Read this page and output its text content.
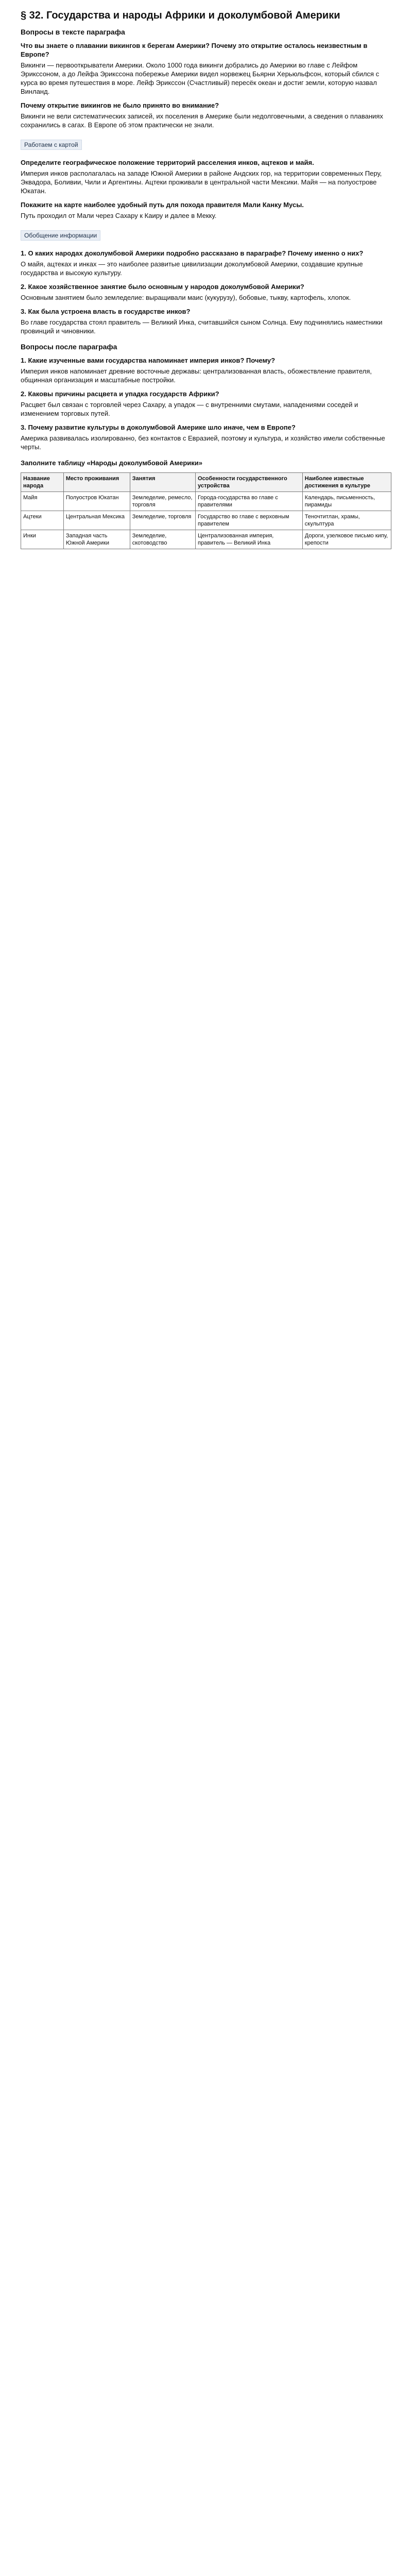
§ 32. Государства и народы Африки и доколумбовой Америки
Вопросы в тексте параграфа
Что вы знаете о плавании викингов к берегам Америки? Почему это открытие осталось неизвестным в Европе?
Викинги — первооткрыватели Америки. Около 1000 года викинги добрались до Америки во главе с Лейфом Эрикссоном, а до Лейфа Эрикссона побережье Америки видел норвежец Бьярни Херьюльфсон, который сбился с курса во время путешествия в море. Лейф Эрикссон (Счастливый) пересёк океан и достиг земли, которую назвал Винланд.
Почему открытие викингов не было принято во внимание?
Викинги не вели систематических записей, их поселения в Америке были недолговечными, а сведения о плаваниях сохранились в сагах. В Европе об этом практически не знали.
Работаем с картой
Определите географическое положение территорий расселения инков, ацтеков и майя.
Империя инков располагалась на западе Южной Америки в районе Андских гор, на территории современных Перу, Эквадора, Боливии, Чили и Аргентины. Ацтеки проживали в центральной части Мексики. Майя — на полуострове Юкатан.
Покажите на карте наиболее удобный путь для похода правителя Мали Канку Мусы.
Путь проходил от Мали через Сахару к Каиру и далее в Мекку.
Обобщение информации
1. О каких народах доколумбовой Америки подробно рассказано в параграфе? Почему именно о них?
О майя, ацтеках и инках — это наиболее развитые цивилизации доколумбовой Америки, создавшие крупные государства и высокую культуру.
2. Какое хозяйственное занятие было основным у народов доколумбовой Америки?
Основным занятием было земледелие: выращивали маис (кукурузу), бобовые, тыкву, картофель, хлопок.
3. Как была устроена власть в государстве инков?
Во главе государства стоял правитель — Великий Инка, считавшийся сыном Солнца. Ему подчинялись наместники провинций и чиновники.
Вопросы после параграфа
1. Какие изученные вами государства напоминает империя инков? Почему?
Империя инков напоминает древние восточные державы: централизованная власть, обожествление правителя, общинная организация и масштабные постройки.
2. Каковы причины расцвета и упадка государств Африки?
Расцвет был связан с торговлей через Сахару, а упадок — с внутренними смутами, нападениями соседей и изменением торговых путей.
3. Почему развитие культуры в доколумбовой Америке шло иначе, чем в Европе?
Америка развивалась изолированно, без контактов с Евразией, поэтому и культура, и хозяйство имели собственные черты.
Заполните таблицу «Народы доколумбовой Америки»
Название народа	Место проживания	Занятия	Особенности государственного устройства	Наиболее известные достижения в культуре
Майя	Полуостров Юкатан	Земледелие, ремесло, торговля	Города-государства во главе с правителями	Календарь, письменность, пирамиды
Ацтеки	Центральная Мексика	Земледелие, торговля	Государство во главе с верховным правителем	Теночтитлан, храмы, скульптура
Инки	Западная часть Южной Америки	Земледелие, скотоводство	Централизованная империя, правитель — Великий Инка	Дороги, узелковое письмо кипу, крепости
